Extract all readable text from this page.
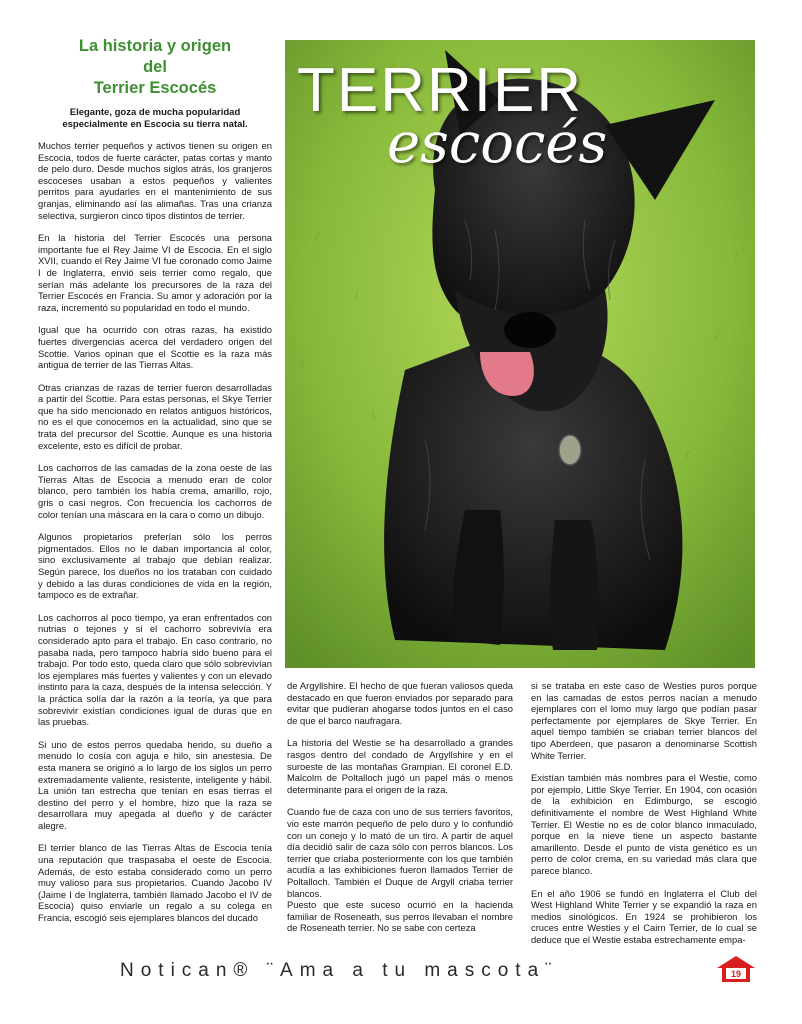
La historia y origen
del
Terrier Escocés
Elegante, goza de mucha popularidad especialmente en Escocia su tierra natal.

Muchos terrier pequeños y activos tienen su origen en Escocia, todos de fuerte carácter, patas cortas y manto de pelo duro. Desde muchos siglos atrás, los granjeros escoceses usaban a estos pequeños y valientes perritos para ayudarles en el mantenimiento de sus granjas, eliminando así las alimañas. Tras una crianza selectiva, surgieron cinco tipos distintos de terrier.

En la historia del Terrier Escocés una persona importante fue el Rey Jaime VI de Escocia. En el siglo XVII, cuando el Rey Jaime VI fue coronado como Jaime I de Inglaterra, envió seis terrier como regalo, que serían más adelante los precursores de la raza del Terrier Escocés en Francia. Su amor y adoración por la raza, incrementó su popularidad en todo el mundo.

Igual que ha ocurrido con otras razas, ha existido fuertes divergencias acerca del verdadero origen del Scottie. Varios opinan que el Scottie es la raza más antigua de terrier de las Tierras Altas.

Otras crianzas de razas de terrier fueron desarrolladas a partir del Scottie. Para estas personas, el Skye Terrier que ha sido mencionado en relatos antiguos históricos, no es el que conocemos en la actualidad, sino que se trata del precursor del Scottie. Aunque es una historia excelente, esto es difícil de probar.

Los cachorros de las camadas de la zona oeste de las Tierras Altas de Escocia a menudo eran de color blanco, pero también los había crema, amarillo, rojo, gris o casi negros. Con frecuencia los cachorros de color tenían una máscara en la cara o como un dibujo.

Algunos propietarios preferían sólo los perros pigmentados. Ellos no le daban importancia al color, sino exclusivamente al trabajo que debían realizar. Según parece, los dueños no los trataban con cuidado y debido a las duras condiciones de vida en la región, tampoco es de extrañar.

Los cachorros al poco tiempo, ya eran enfrentados con nutrias o tejones y si el cachorro sobrevivía era considerado apto para el trabajo. En caso contrario, no pasaba nada, pero tampoco habría sido bueno para el trabajo. Por todo esto, queda claro que sólo sobrevivían los ejemplares más fuertes y valientes y con un elevado instinto para la caza, después de la intensa selección. Y la práctica solía dar la razón a la teoría, ya que para sobrevivir existían condiciones igual de duras que en las pruebas.

Si uno de estos perros quedaba herido, su dueño a menudo lo cosía con aguja e hilo, sin anestesia. De esta manera se originó a lo largo de los siglos un perro extremadamente valiente, resistente, inteligente y hábil. La unión tan estrecha que tenían en esas tierras el destino del perro y el hombre, hizo que la raza se desarrollara muy apegada al dueño y de carácter alegre.

El terrier blanco de las Tierras Altas de Escocia tenía una reputación que traspasaba el oeste de Escocia. Además, de esto estaba considerado como un perro muy valioso para sus propietarios. Cuando Jacobo IV (Jaime I de Inglaterra, también llamado Jacobo el IV de Escocia) quiso enviarle un regalo a su colega en Francia, escogió seis ejemplares blancos del ducado

TERRIER
escocés

de Argyllshire. El hecho de que fueran valiosos queda destacado en que fueron enviados por separado para evitar que pudieran ahogarse todos juntos en el caso de que el barco naufragara.

La historia del Westie se ha desarrollado a grandes rasgos dentro del condado de Argyllshire y en el suroeste de las montañas Grampian. El coronel E.D. Malcolm de Poltalloch jugó un papel más o menos determinante para el origen de la raza.

Cuando fue de caza con uno de sus terriers favoritos, vio este marrón pequeño de pelo duro y lo confundió con un conejo y lo mató de un tiro. A partir de aquel día decidió salir de caza sólo con perros blancos. Los terrier que criaba posteriormente con los que también acudía a las exhibiciones fueron llamados Terrier de Poltalloch. También el Duque de Argyll criaba terrier blancos.

Puesto que este suceso ocurrió en la hacienda familiar de Roseneath, sus perros llevaban el nombre de Roseneath terrier. No se sabe con certeza

si se trataba en este caso de Westies puros porque en las camadas de estos perros nacían a menudo ejemplares con el lomo muy largo que podían pasar perfectamente por ejemplares de Skye Terrier. En aquel tiempo también se criaban terrier blancos del tipo Aberdeen, que pasaron a denominarse Scottish White Terrier.

Existían también más nombres para el Westie, como por ejemplo, Little Skye Terrier. En 1904, con ocasión de la exhibición en Edimburgo, se escogió definitivamente el nombre de West Highland White Terrier. El Westie no es de color blanco inmaculado, porque en la nieve tiene un aspecto bastante amarillento. Desde el punto de vista genético es un perro de color crema, en su variedad más clara que parece blanco.

En el año 1906 se fundó en Inglaterra el Club del West Highland White Terrier y se expandió la raza en medios sinológicos. En 1924 se prohibieron los cruces entre Westies y el Cairn Terrier, de lo cual se deduce que el Westie estaba estrechamente empa-

Notican® ¨Ama a tu mascota¨	19
